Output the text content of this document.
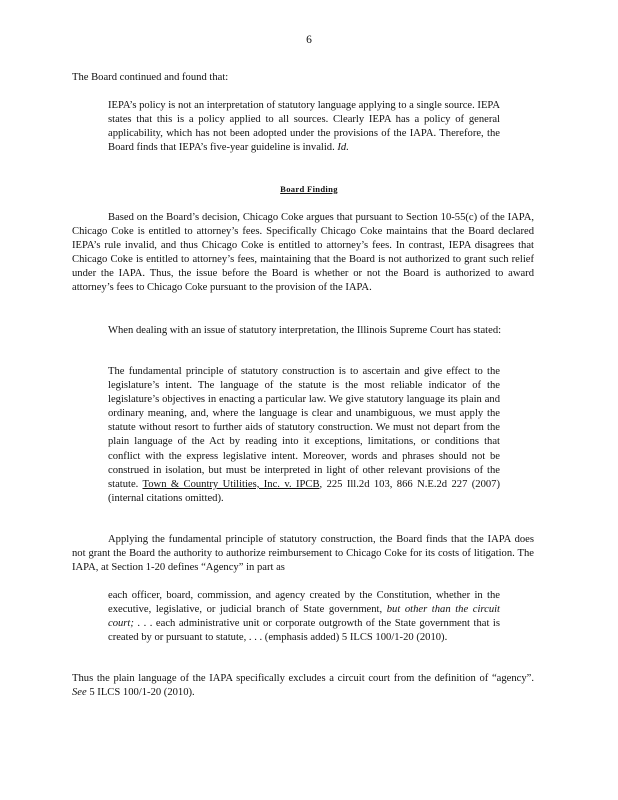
6

The Board continued and found that:

IEPA’s policy is not an interpretation of statutory language applying to a single source. IEPA states that this is a policy applied to all sources. Clearly IEPA has a policy of general applicability, which has not been adopted under the provisions of the IAPA. Therefore, the Board finds that IEPA’s five-year guideline is invalid. Id.

Board Finding

Based on the Board’s decision, Chicago Coke argues that pursuant to Section 10-55(c) of the IAPA, Chicago Coke is entitled to attorney’s fees. Specifically Chicago Coke maintains that the Board declared IEPA’s rule invalid, and thus Chicago Coke is entitled to attorney’s fees. In contrast, IEPA disagrees that Chicago Coke is entitled to attorney’s fees, maintaining that the Board is not authorized to grant such relief under the IAPA. Thus, the issue before the Board is whether or not the Board is authorized to award attorney’s fees to Chicago Coke pursuant to the provision of the IAPA.

When dealing with an issue of statutory interpretation, the Illinois Supreme Court has stated:

The fundamental principle of statutory construction is to ascertain and give effect to the legislature’s intent. The language of the statute is the most reliable indicator of the legislature’s objectives in enacting a particular law. We give statutory language its plain and ordinary meaning, and, where the language is clear and unambiguous, we must apply the statute without resort to further aids of statutory construction. We must not depart from the plain language of the Act by reading into it exceptions, limitations, or conditions that conflict with the express legislative intent. Moreover, words and phrases should not be construed in isolation, but must be interpreted in light of other relevant provisions of the statute. Town & Country Utilities, Inc. v. IPCB, 225 Ill.2d 103, 866 N.E.2d 227 (2007) (internal citations omitted).

Applying the fundamental principle of statutory construction, the Board finds that the IAPA does not grant the Board the authority to authorize reimbursement to Chicago Coke for its costs of litigation. The IAPA, at Section 1-20 defines “Agency” in part as

each officer, board, commission, and agency created by the Constitution, whether in the executive, legislative, or judicial branch of State government, but other than the circuit court; . . . each administrative unit or corporate outgrowth of the State government that is created by or pursuant to statute, . . . (emphasis added) 5 ILCS 100/1-20 (2010).

Thus the plain language of the IAPA specifically excludes a circuit court from the definition of “agency”. See 5 ILCS 100/1-20 (2010).
